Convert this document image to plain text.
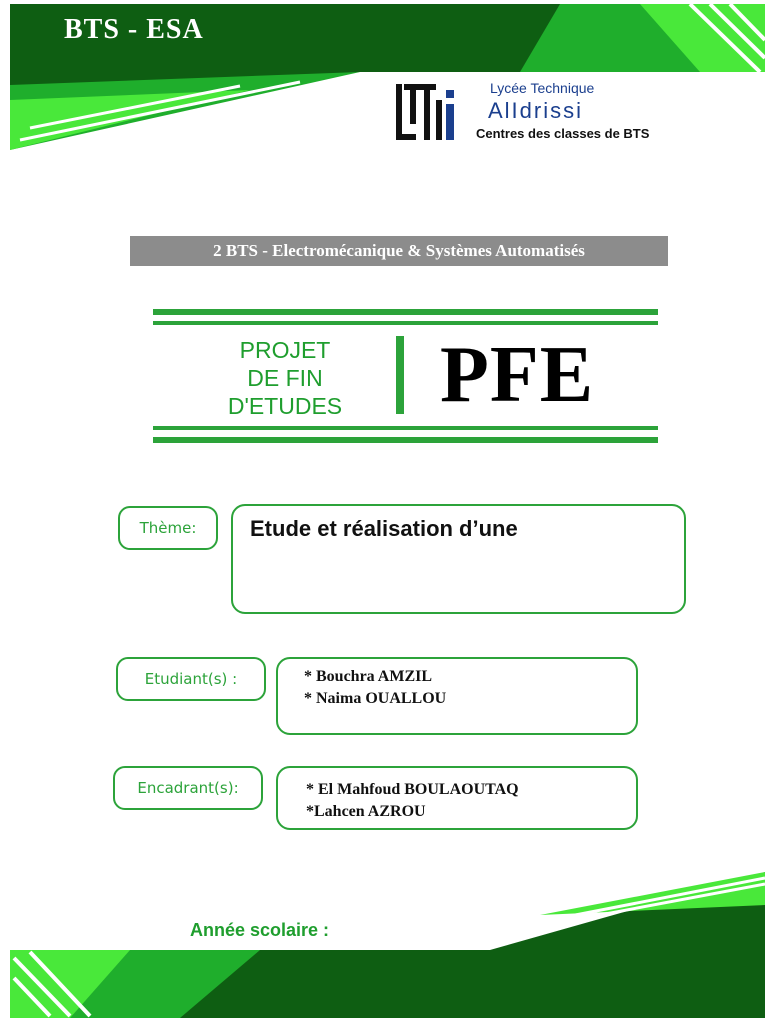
BTS - ESA
Lycée Technique
AlIdrissi
Centres des classes de BTS
2 BTS - Electromécanique & Systèmes Automatisés
PROJET
DE FIN
D'ETUDES	PFE
Thème:	Etude et réalisation d’une
Etudiant(s) :	* Bouchra AMZIL
* Naima OUALLOU
Encadrant(s):	* El Mahfoud BOULAOUTAQ
*Lahcen AZROU
Année scolaire :
